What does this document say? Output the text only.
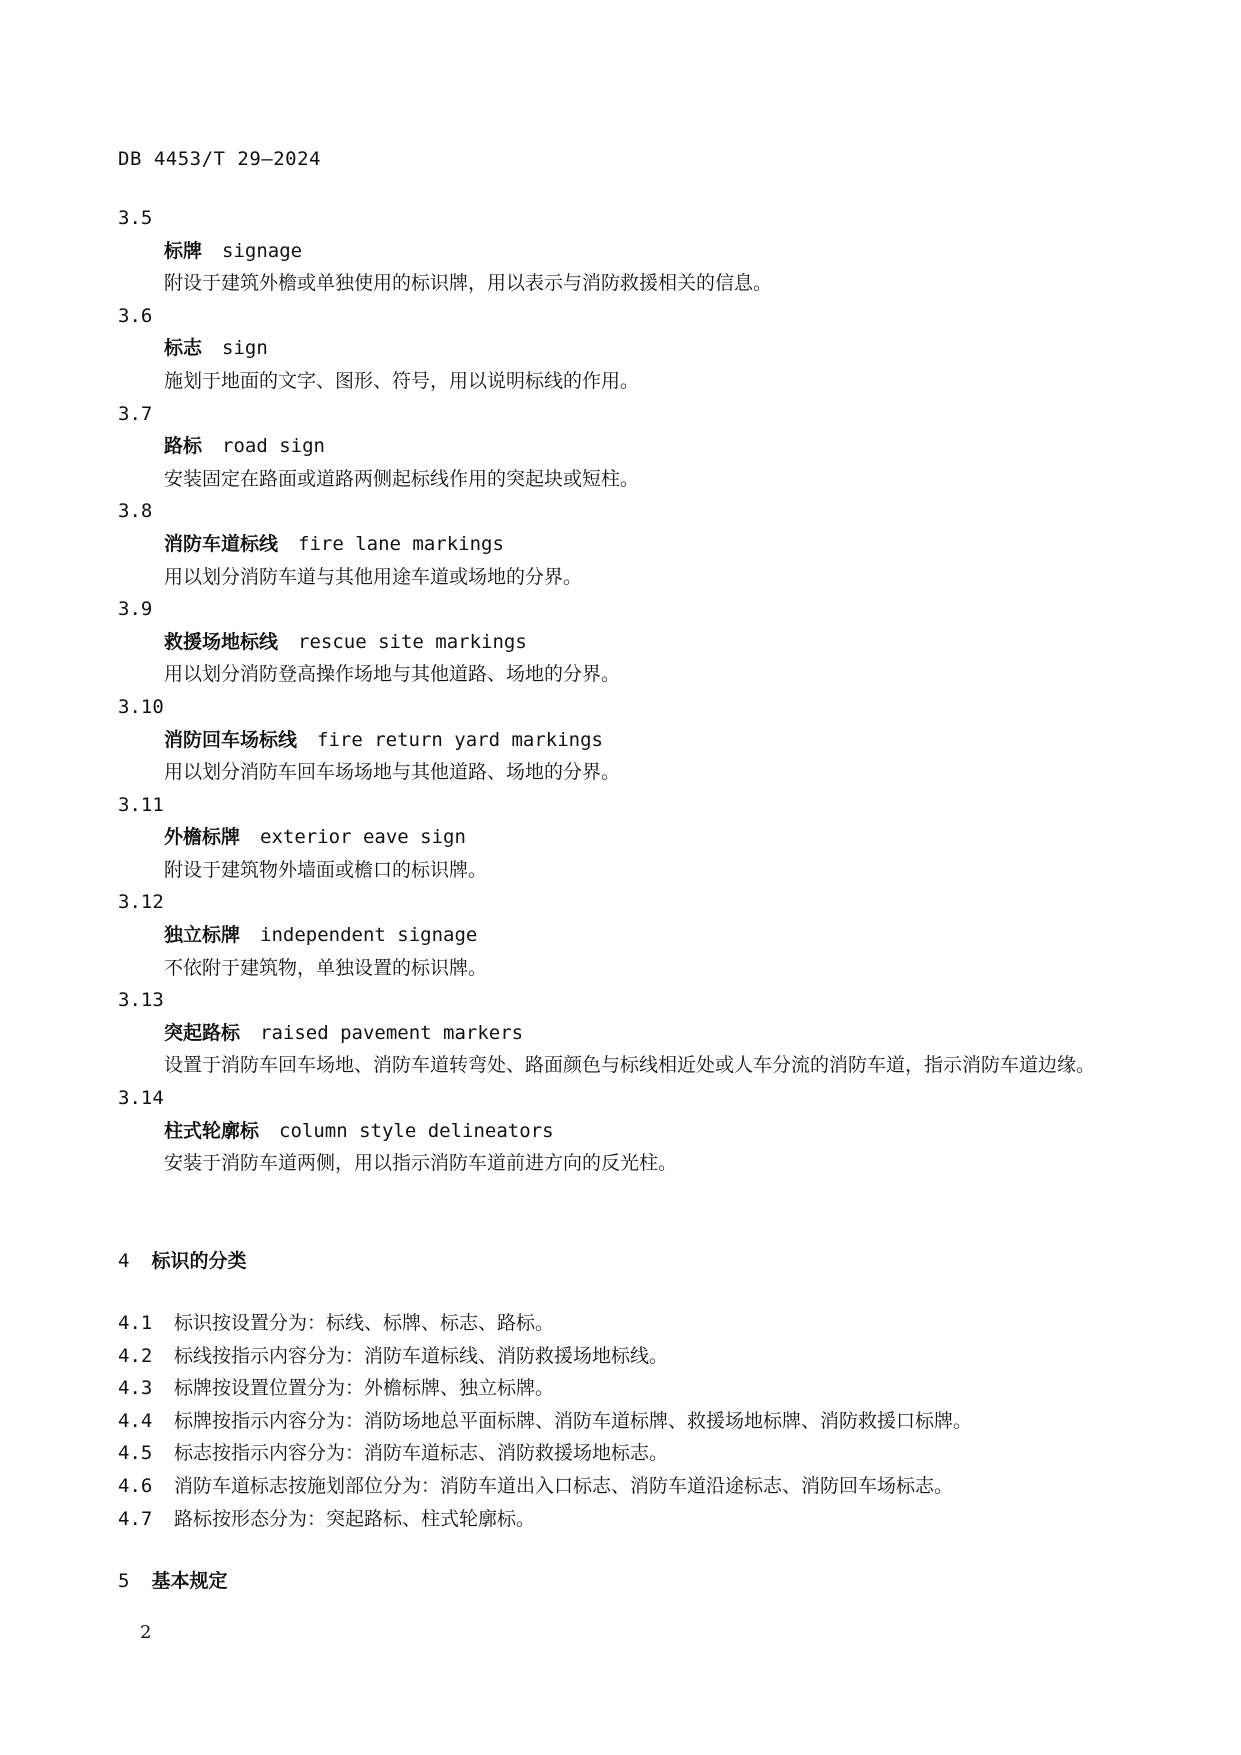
DB 4453/T 29—2024
3.5
标牌 signage
附设于建筑外檐或单独使用的标识牌，用以表示与消防救援相关的信息。
3.6
标志 sign
施划于地面的文字、图形、符号，用以说明标线的作用。
3.7
路标 road sign
安装固定在路面或道路两侧起标线作用的突起块或短柱。
3.8
消防车道标线 fire lane markings
用以划分消防车道与其他用途车道或场地的分界。
3.9
救援场地标线 rescue site markings
用以划分消防登高操作场地与其他道路、场地的分界。
3.10
消防回车场标线 fire return yard markings
用以划分消防车回车场场地与其他道路、场地的分界。
3.11
外檐标牌 exterior eave sign
附设于建筑物外墙面或檐口的标识牌。
3.12
独立标牌 independent signage
不依附于建筑物，单独设置的标识牌。
3.13
突起路标 raised pavement markers
设置于消防车回车场地、消防车道转弯处、路面颜色与标线相近处或人车分流的消防车道，指示消防车道边缘。
3.14
柱式轮廓标 column style delineators
安装于消防车道两侧，用以指示消防车道前进方向的反光柱。
4 标识的分类
4.1 标识按设置分为：标线、标牌、标志、路标。
4.2 标线按指示内容分为：消防车道标线、消防救援场地标线。
4.3 标牌按设置位置分为：外檐标牌、独立标牌。
4.4 标牌按指示内容分为：消防场地总平面标牌、消防车道标牌、救援场地标牌、消防救援口标牌。
4.5 标志按指示内容分为：消防车道标志、消防救援场地标志。
4.6 消防车道标志按施划部位分为：消防车道出入口标志、消防车道沿途标志、消防回车场标志。
4.7 路标按形态分为：突起路标、柱式轮廓标。
5 基本规定
2
